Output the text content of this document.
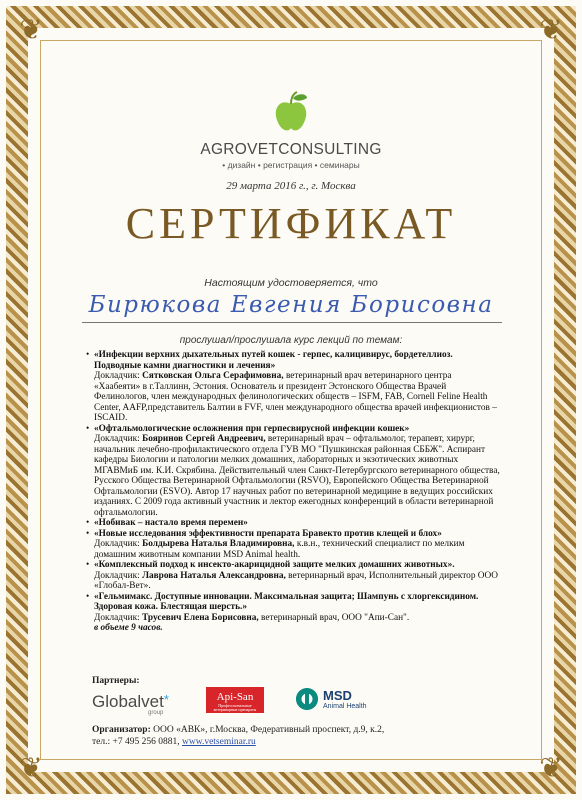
❦	❦
❦	❦
AGROVETCONSULTING
• дизайн • регистрация • семинары
29 марта 2016 г., г. Москва
СЕРТИФИКАТ
Настоящим удостоверяется, что
Бирюкова Евгения Борисовна
прослушал/прослушала курс лекций по темам:

• «Инфекции верхних дыхательных путей кошек - герпес, калицивирус, бордетеллиоз. Подводные камни диагностики и лечения»
Докладчик: Сятковская Ольга Серафимовна, ветеринарный врач ветеринарного центра «Хаабеяти» в г.Таллинн, Эстония. Основатель и президент Эстонского Общества Врачей Фелинологов, член международных фелинологических обществ – ISFM, FAB, Cornell Feline Health Center, AAFP,представитель Балтии в FVF, член международного общества врачей инфекционистов – ISCAID.

• «Офтальмологические осложнения при герпесвирусной инфекции кошек»
Докладчик: Бояринов Сергей Андреевич, ветеринарный врач – офтальмолог, терапевт, хирург, начальник лечебно-профилактического отдела ГУВ МО "Пушкинская районная СББЖ". Аспирант кафедры Биологии и патологии мелких домашних, лабораторных и экзотических животных МГАВМиБ им. К.И. Скрябина. Действительный член Санкт-Петербургского ветеринарного общества, Русского Общества Ветеринарной Офтальмологии (RSVO), Европейского Общества Ветеринарной Офтальмологии (ESVO). Автор 17 научных работ по ветеринарной медицине в ведущих российских изданиях. С 2009 года активный участник и лектор ежегодных конференций в области ветеринарной офтальмологии.

• «Нобивак – настало время перемен»

• «Новые исследования эффективности препарата Бравекто против клещей и блох»
Докладчик: Болдырева Наталья Владимировна, к.в.н., технический специалист по мелким домашним животным компании MSD Animal health.

• «Комплексный подход к инсекто-акарицидной защите мелких домашних животных».
Докладчик: Лаврова Наталья Александровна, ветеринарный врач, Исполнительный директор ООО «Глобал-Вет».

• «Гельмимакс. Доступные инновации. Максимальная защита; Шампунь с хлоргексидином. Здоровая кожа. Блестящая шерсть.»
Докладчик: Трусевич Елена Борисовна, ветеринарный врач, ООО "Апи-Сан".
в объеме 9 часов.

Партнеры:
Globalvet*
group
Api-San
Профессиональные ветеринарные препараты
MSD
Animal Health
Организатор: ООО «АВК», г.Москва, Федеративный проспект, д.9, к.2,
тел.: +7 495 256 0881, www.vetseminar.ru
